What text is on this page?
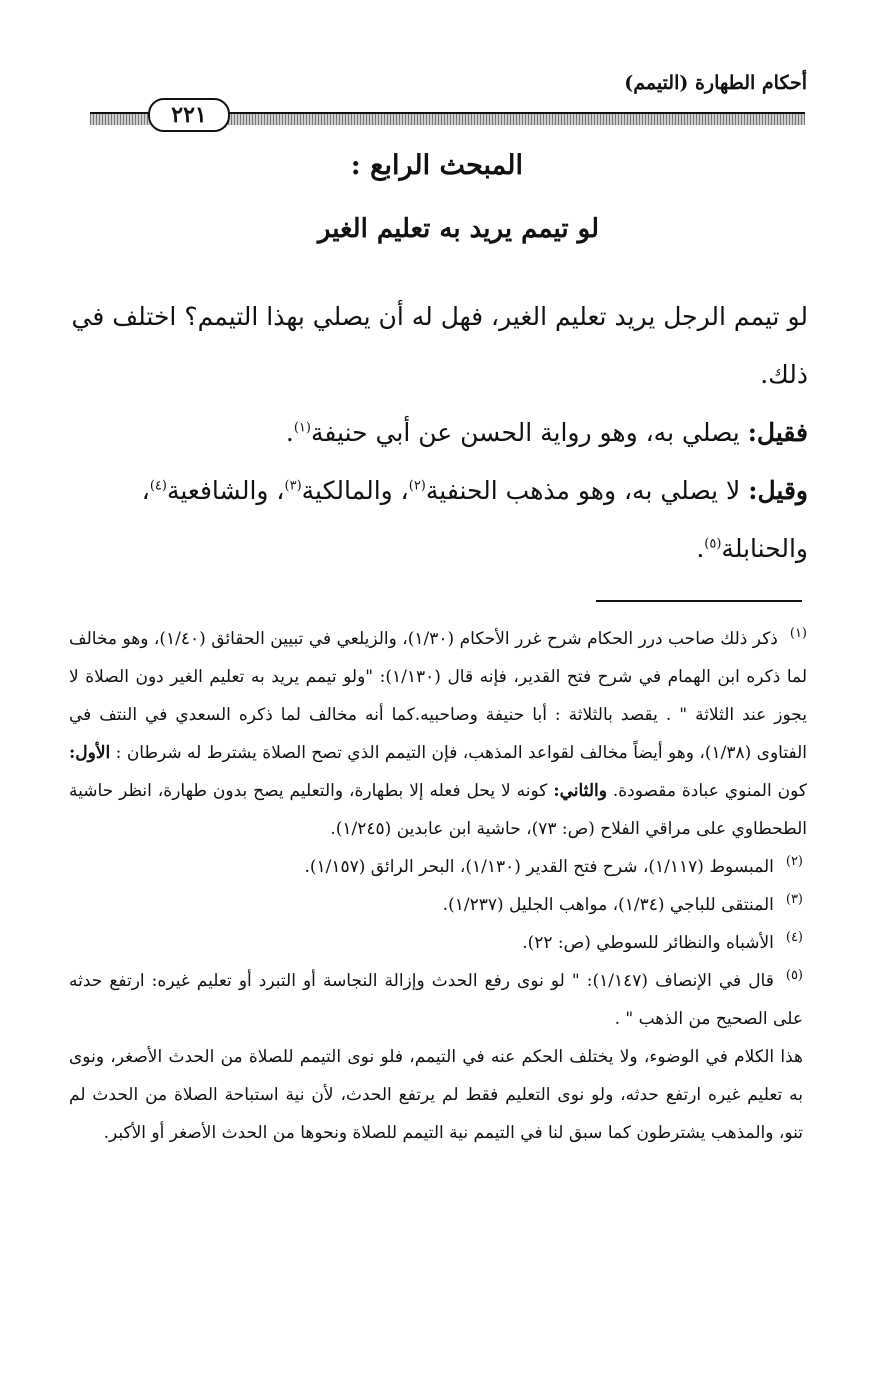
٢٢١
أحكام الطهارة (التيمم)
المبحث الرابع :
لو تيمم يريد به تعليم الغير

لو تيمم الرجل يريد تعليم الغير، فهل له أن يصلي بهذا التيمم؟ اختلف في ذلك.

فقيل: يصلي به، وهو رواية الحسن عن أبي حنيفة$^{(١)}$.

وقيل: لا يصلي به، وهو مذهب الحنفية$^{(٢)}$، والمالكية$^{(٣)}$، والشافعية$^{(٤)}$، والحنابلة$^{(٥)}$.

$^{(١)}$ذكر ذلك صاحب درر الحكام شرح غرر الأحكام (١/٣٠)، والزيلعي في تبيين الحقائق (١/٤٠)، وهو مخالف لما ذكره ابن الهمام في شرح فتح القدير، فإنه قال (١/١٣٠): "ولو تيمم يريد به تعليم الغير دون الصلاة لا يجوز عند الثلاثة " . يقصد بالثلاثة : أبا حنيفة وصاحبيه.كما أنه مخالف لما ذكره السعدي في النتف في الفتاوى (١/٣٨)، وهو أيضاً مخالف لقواعد المذهب، فإن التيمم الذي تصح الصلاة يشترط له شرطان : الأول: كون المنوي عبادة مقصودة. والثاني: كونه لا يحل فعله إلا بطهارة، والتعليم يصح بدون طهارة، انظر حاشية الطحطاوي على مراقي الفلاح (ص: ٧٣)، حاشية ابن عابدين (١/٢٤٥).

$^{(٢)}$المبسوط (١/١١٧)، شرح فتح القدير (١/١٣٠)، البحر الرائق (١/١٥٧).

$^{(٣)}$المنتقى للباجي (١/٣٤)، مواهب الجليل (١/٢٣٧).

$^{(٤)}$الأشباه والنظائر للسوطي (ص: ٢٢).

$^{(٥)}$قال في الإنصاف (١/١٤٧): " لو نوى رفع الحدث وإزالة النجاسة أو التبرد أو تعليم غيره: ارتفع حدثه على الصحيح من الذهب " .

هذا الكلام في الوضوء، ولا يختلف الحكم عنه في التيمم، فلو نوى التيمم للصلاة من الحدث الأصغر، ونوى به تعليم غيره ارتفع حدثه، ولو نوى التعليم فقط لم يرتفع الحدث، لأن نية استباحة الصلاة من الحدث لم تنو، والمذهب يشترطون كما سبق لنا في التيمم نية التيمم للصلاة ونحوها من الحدث الأصغر أو الأكبر.
